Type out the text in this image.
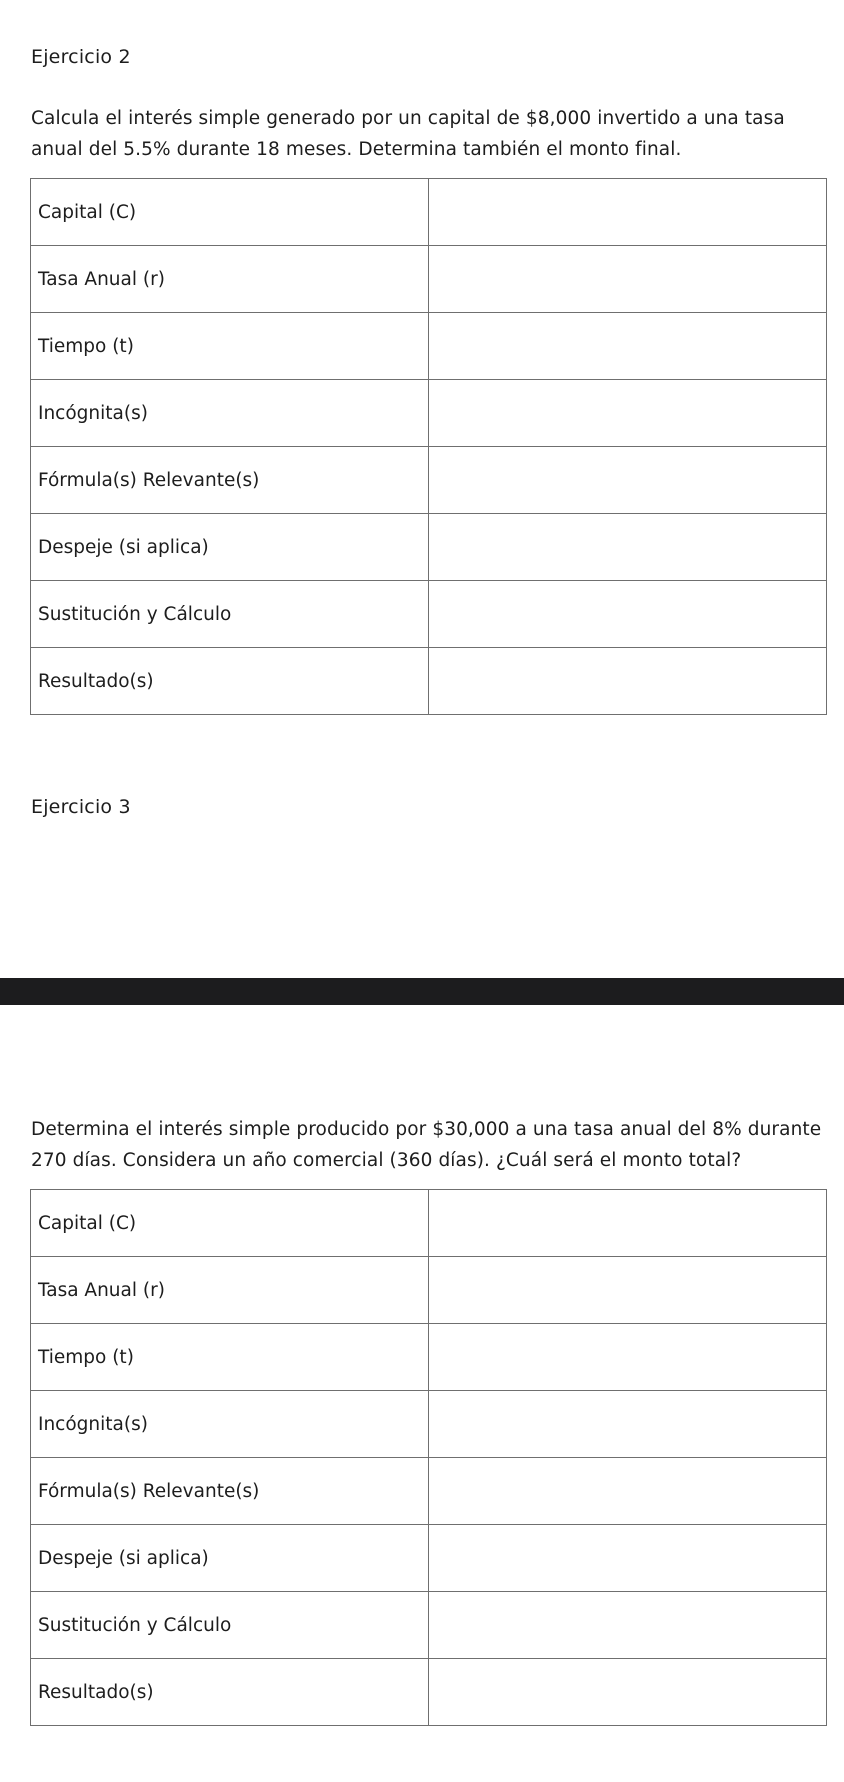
Ejercicio 2

Calcula el interés simple generado por un capital de $8,000 invertido a una tasa anual del 5.5% durante 18 meses. Determina también el monto final.

Capital (C)	
Tasa Anual (r)	
Tiempo (t)	
Incógnita(s)	
Fórmula(s) Relevante(s)	
Despeje (si aplica)	
Sustitución y Cálculo	
Resultado(s)	
Ejercicio 3

Determina el interés simple producido por $30,000 a una tasa anual del 8% durante 270 días. Considera un año comercial (360 días). ¿Cuál será el monto total?

Capital (C)	
Tasa Anual (r)	
Tiempo (t)	
Incógnita(s)	
Fórmula(s) Relevante(s)	
Despeje (si aplica)	
Sustitución y Cálculo	
Resultado(s)	
